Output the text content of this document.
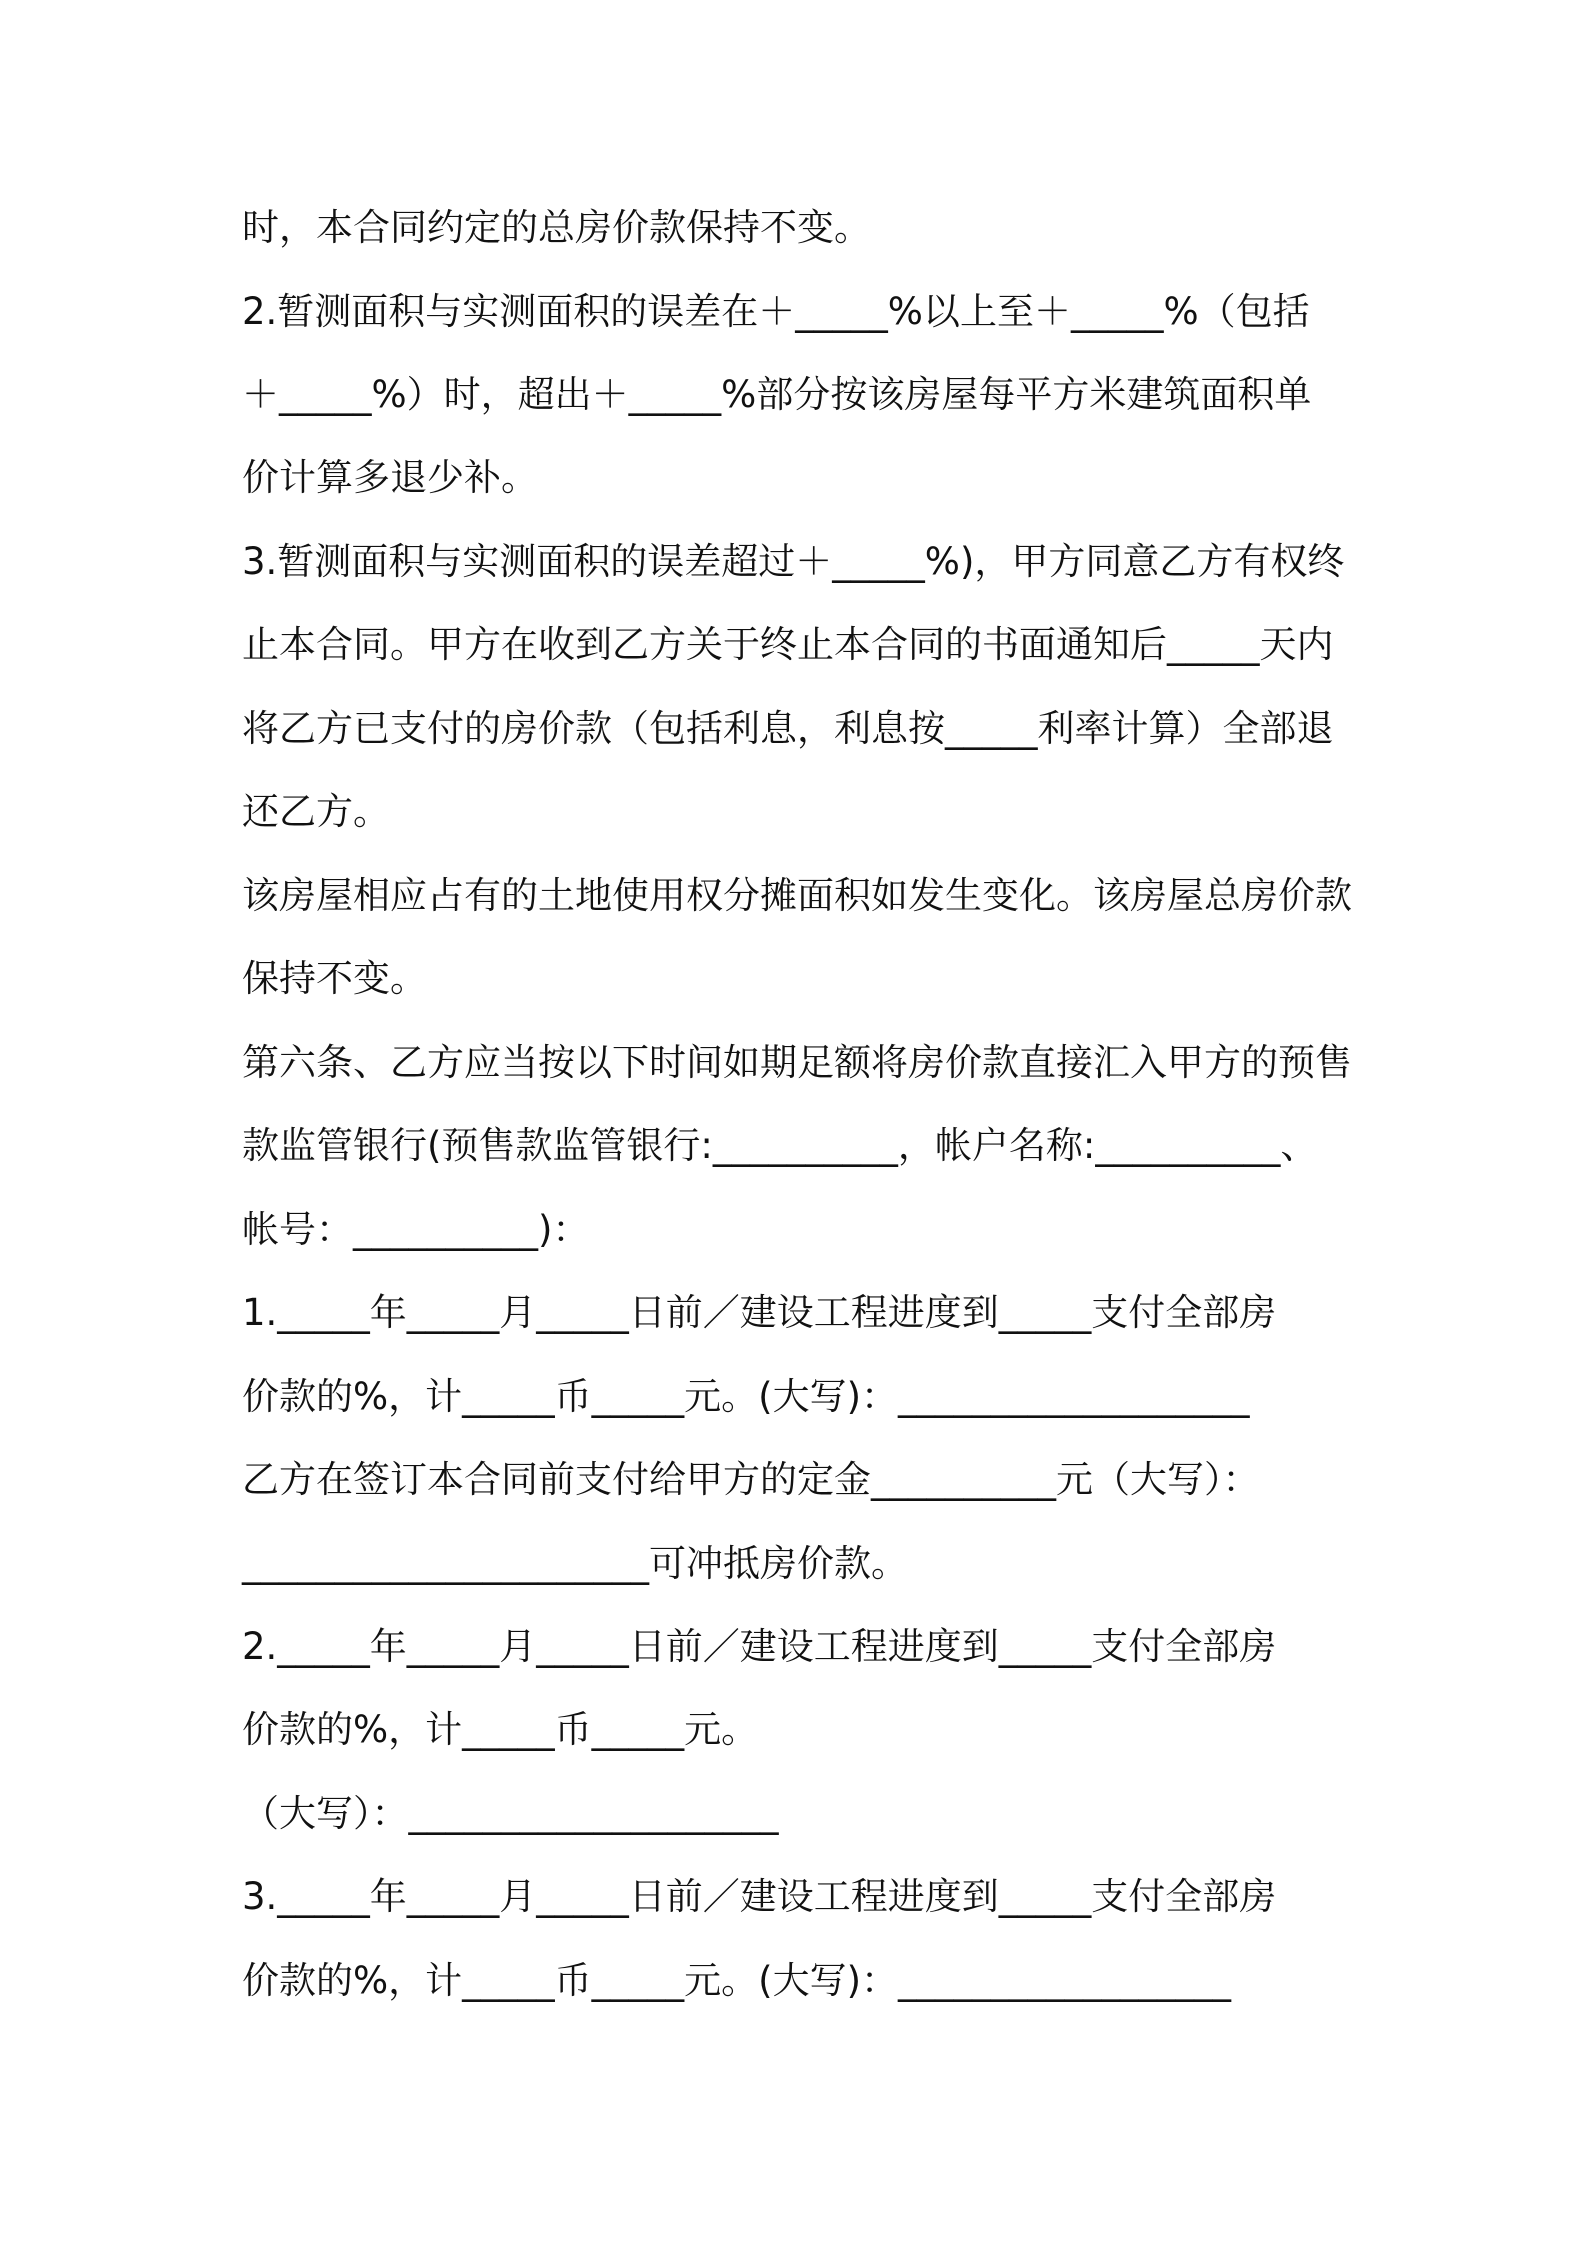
时，本合同约定的总房价款保持不变。
2.暂测面积与实测面积的误差在＋_____%以上至＋_____%（包括
＋_____%）时，超出＋_____%部分按该房屋每平方米建筑面积单
价计算多退少补。
3.暂测面积与实测面积的误差超过＋_____%)，甲方同意乙方有权终
止本合同。甲方在收到乙方关于终止本合同的书面通知后_____天内
将乙方已支付的房价款（包括利息，利息按_____利率计算）全部退
还乙方。
该房屋相应占有的土地使用权分摊面积如发生变化。该房屋总房价款
保持不变。
第六条、乙方应当按以下时间如期足额将房价款直接汇入甲方的预售
款监管银行(预售款监管银行:__________，帐户名称:__________、
帐号：__________)：
1._____年_____月_____日前／建设工程进度到_____支付全部房
价款的%，计_____币_____元。(大写)：___________________
乙方在签订本合同前支付给甲方的定金__________元（大写）：
______________________可冲抵房价款。
2._____年_____月_____日前／建设工程进度到_____支付全部房
价款的%，计_____币_____元。
（大写）：____________________
3._____年_____月_____日前／建设工程进度到_____支付全部房
价款的%，计_____币_____元。(大写)：__________________
